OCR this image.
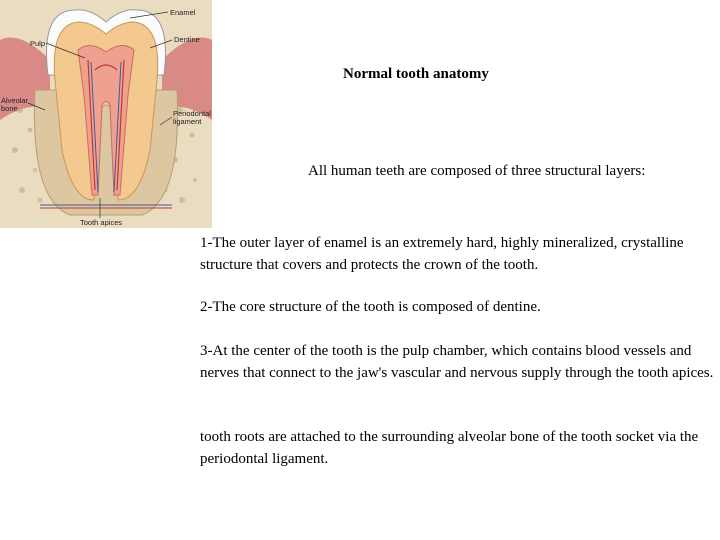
Enamel
Dentine
Pulp
Alveolar bone
Periodontal ligament
Tooth apices
Normal tooth anatomy
All human teeth are composed of three structural layers:

1-The outer layer of enamel is an extremely hard, highly mineralized, crystalline structure that covers and protects the crown of the tooth.

2-The core structure of the tooth is composed of dentine.

3-At the center of the tooth is the pulp chamber, which contains blood vessels and nerves that connect to the jaw's vascular and nervous supply through the tooth apices.

tooth roots are attached to the surrounding alveolar bone of the tooth socket via the periodontal ligament.
